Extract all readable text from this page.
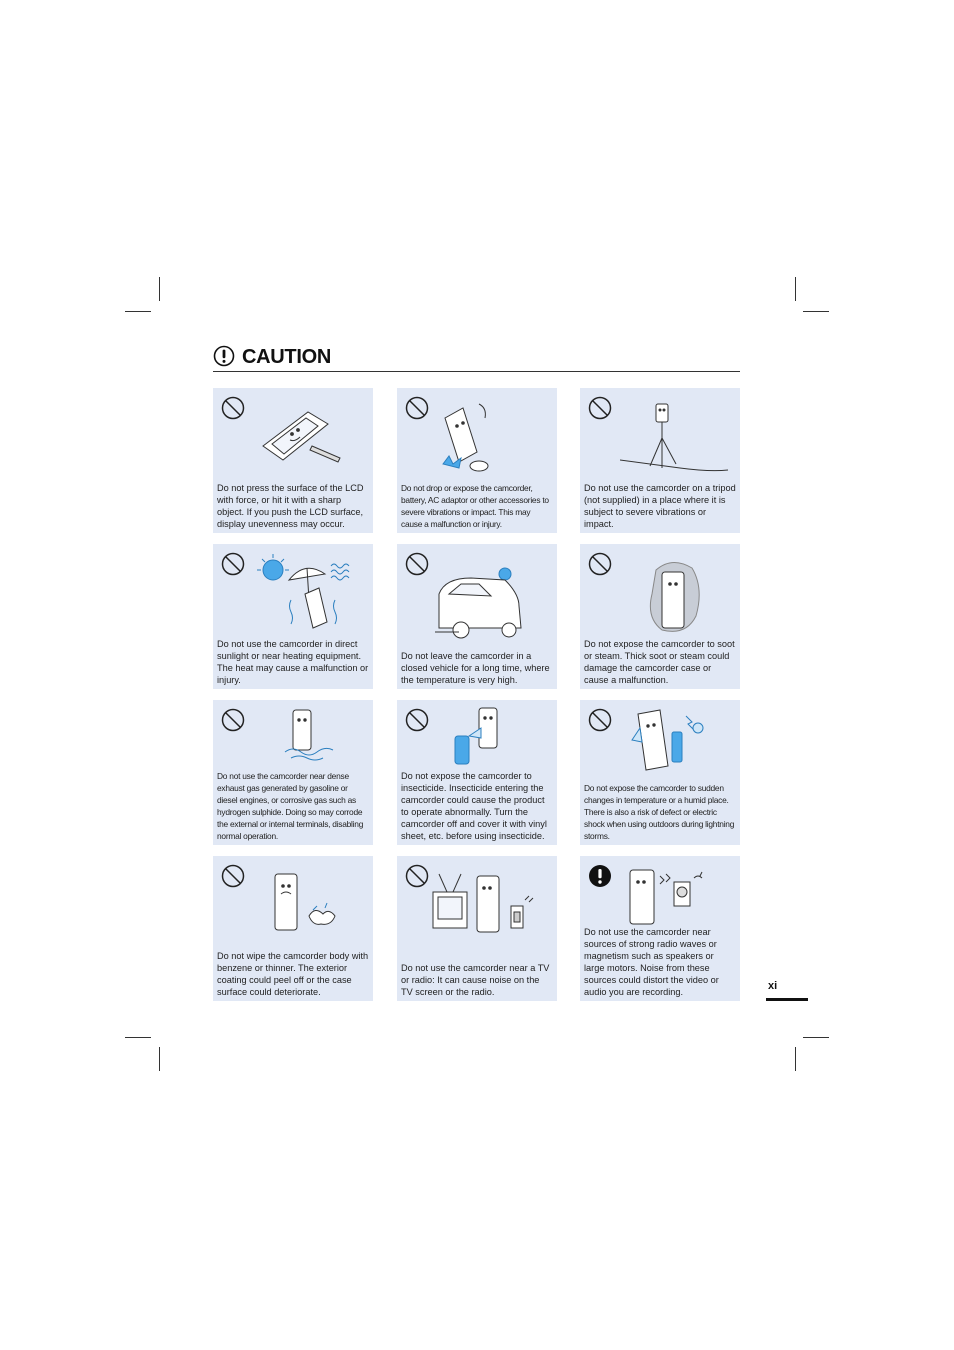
CAUTION
Do not press the surface of the LCD with force, or hit it with a sharp object. If you push the LCD surface, display unevenness may occur.
Do not drop or expose the camcorder, battery, AC adaptor or other accessories to severe vibrations or impact. This may cause a malfunction or injury.
Do not use the camcorder on a tripod (not supplied) in a place where it is subject to severe vibrations or impact.
Do not use the camcorder in direct sunlight or near heating equipment. The heat may cause a malfunction or injury.
Do not leave the camcorder in a closed vehicle for a long time, where the temperature is very high.
Do not expose the camcorder to soot or steam. Thick soot or steam could damage the camcorder case or cause a malfunction.
Do not use the camcorder near dense exhaust gas generated by gasoline or diesel engines, or corrosive gas such as hydrogen sulphide. Doing so may corrode the external or internal terminals, disabling normal operation.
Do not expose the camcorder to insecticide. Insecticide entering the camcorder could cause the product to operate abnormally. Turn the camcorder off and cover it with vinyl sheet, etc. before using insecticide.
Do not expose the camcorder to sudden changes in temperature or a humid place. There is also a risk of defect or electric shock when using outdoors during lightning storms.
Do not wipe the camcorder body with benzene or thinner. The exterior coating could peel off or the case surface could deteriorate.
Do not use the camcorder near a TV or radio: It can cause noise on the TV screen or the radio.
Do not use the camcorder near sources of strong radio waves or magnetism such as speakers or large motors. Noise from these sources could distort the video or audio you are recording.	xi
